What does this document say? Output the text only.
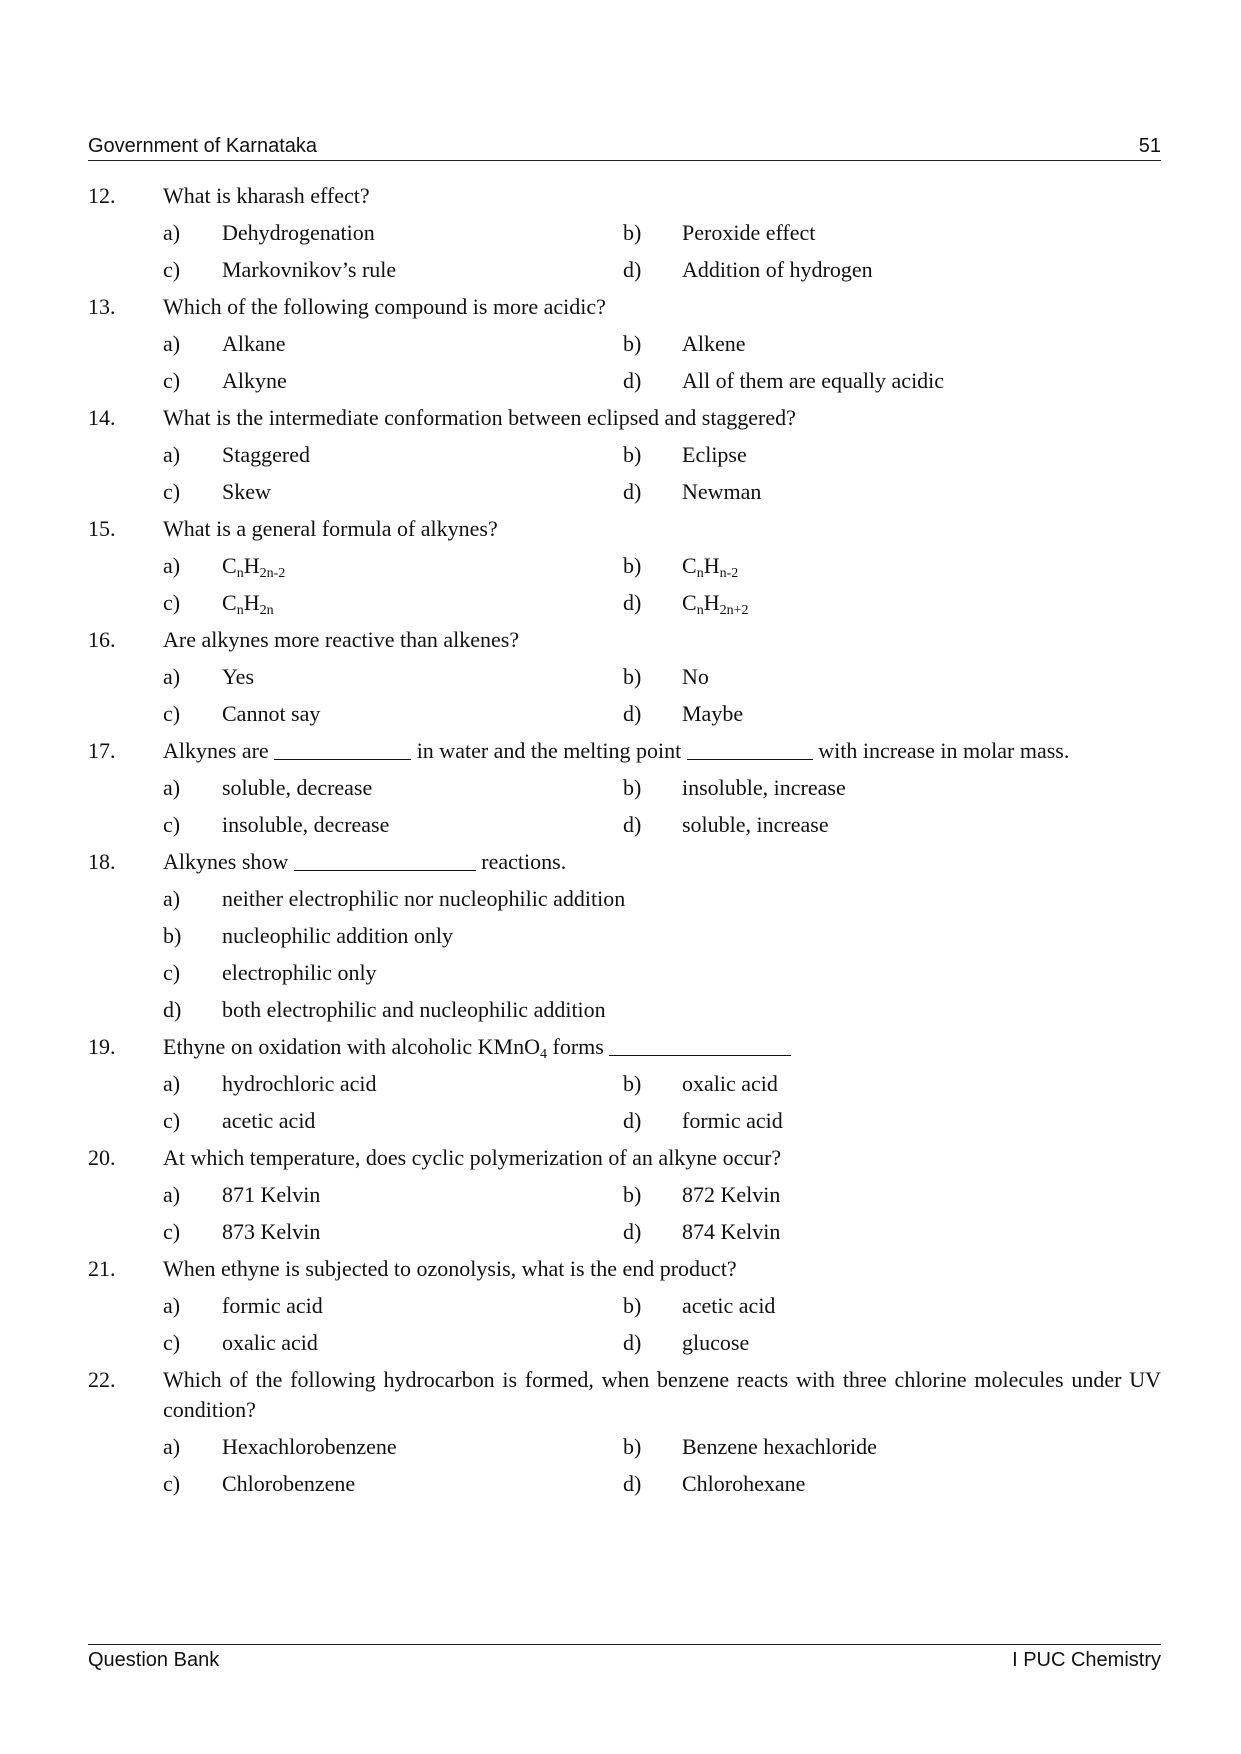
Government of Karnataka	51
12.	What is kharash effect?
a)	Dehydrogenation	b)	Peroxide effect
c)	Markovnikov’s rule	d)	Addition of hydrogen
13.	Which of the following compound is more acidic?
a)	Alkane	b)	Alkene
c)	Alkyne	d)	All of them are equally acidic
14.	What is the intermediate conformation between eclipsed and staggered?
a)	Staggered	b)	Eclipse
c)	Skew	d)	Newman
15.	What is a general formula of alkynes?
a)	$C_nH_{2n-2}$	b)	$C_nH_{n-2}$
c)	$C_nH_{2n}$	d)	$C_nH_{2n+2}$
16.	Are alkynes more reactive than alkenes?
a)	Yes	b)	No
c)	Cannot say	d)	Maybe
17.	Alkynes are	in water and the melting point	with increase in molar mass.
a)	soluble, decrease	b)	insoluble, increase
c)	insoluble, decrease	d)	soluble, increase
18.	Alkynes show	reactions.
a)	neither electrophilic nor nucleophilic addition
b)	nucleophilic addition only
c)	electrophilic only
d)	both electrophilic and nucleophilic addition
19.	Ethyne on oxidation with alcoholic KMnO$_4$ forms
a)	hydrochloric acid	b)	oxalic acid
c)	acetic acid	d)	formic acid
20.	At which temperature, does cyclic polymerization of an alkyne occur?
a)	871 Kelvin	b)	872 Kelvin
c)	873 Kelvin	d)	874 Kelvin
21.	When ethyne is subjected to ozonolysis, what is the end product?
a)	formic acid	b)	acetic acid
c)	oxalic acid	d)	glucose
22.	Which of the following hydrocarbon is formed, when benzene reacts with three chlorine molecules under UV condition?
a)	Hexachlorobenzene	b)	Benzene hexachloride
c)	Chlorobenzene	d)	Chlorohexane
Question Bank	I PUC Chemistry
